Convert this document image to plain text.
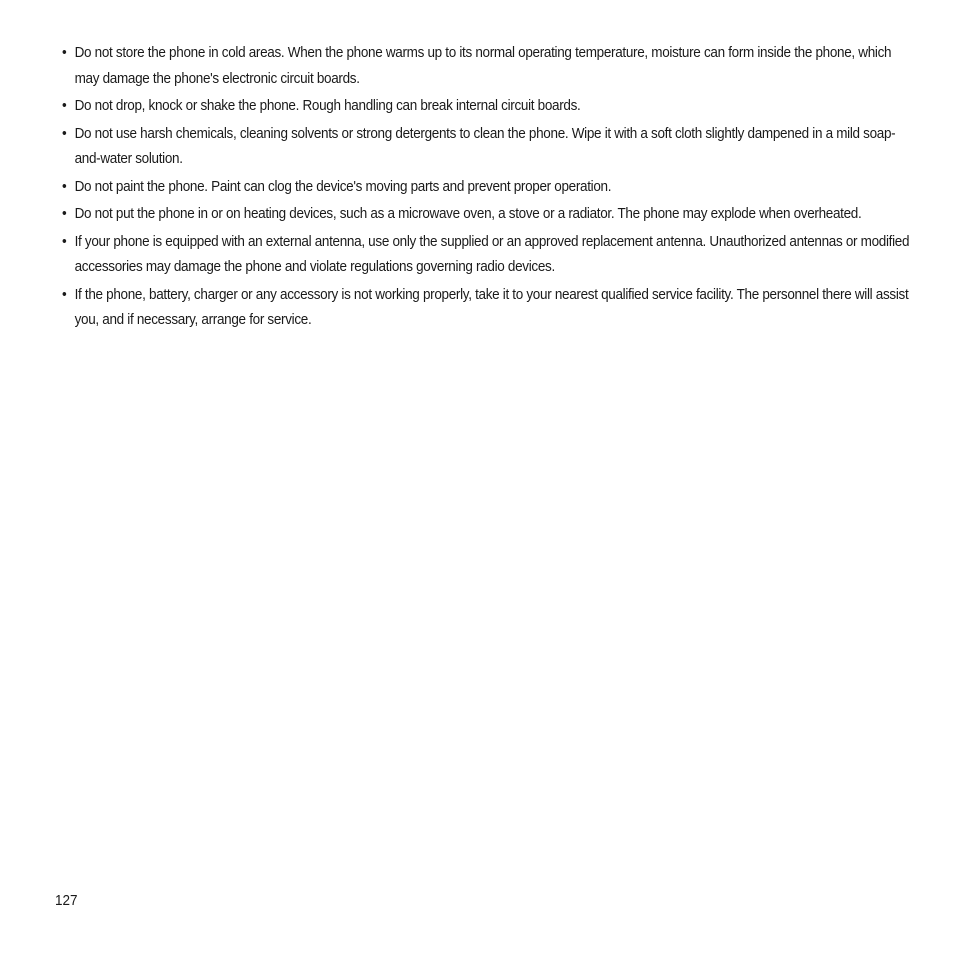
• Do not store the phone in cold areas. When the phone warms up to its normal operating temperature, moisture can form inside the phone, which may damage the phone's electronic circuit boards.
• Do not drop, knock or shake the phone. Rough handling can break internal circuit boards.
• Do not use harsh chemicals, cleaning solvents or strong detergents to clean the phone. Wipe it with a soft cloth slightly dampened in a mild soap-and-water solution.
• Do not paint the phone. Paint can clog the device's moving parts and prevent proper operation.
• Do not put the phone in or on heating devices, such as a microwave oven, a stove or a radiator. The phone may explode when overheated.
• If your phone is equipped with an external antenna, use only the supplied or an approved replacement antenna. Unauthorized antennas or modified accessories may damage the phone and violate regulations governing radio devices.
• If the phone, battery, charger or any accessory is not working properly, take it to your nearest qualified service facility. The personnel there will assist you, and if necessary, arrange for service.
127
